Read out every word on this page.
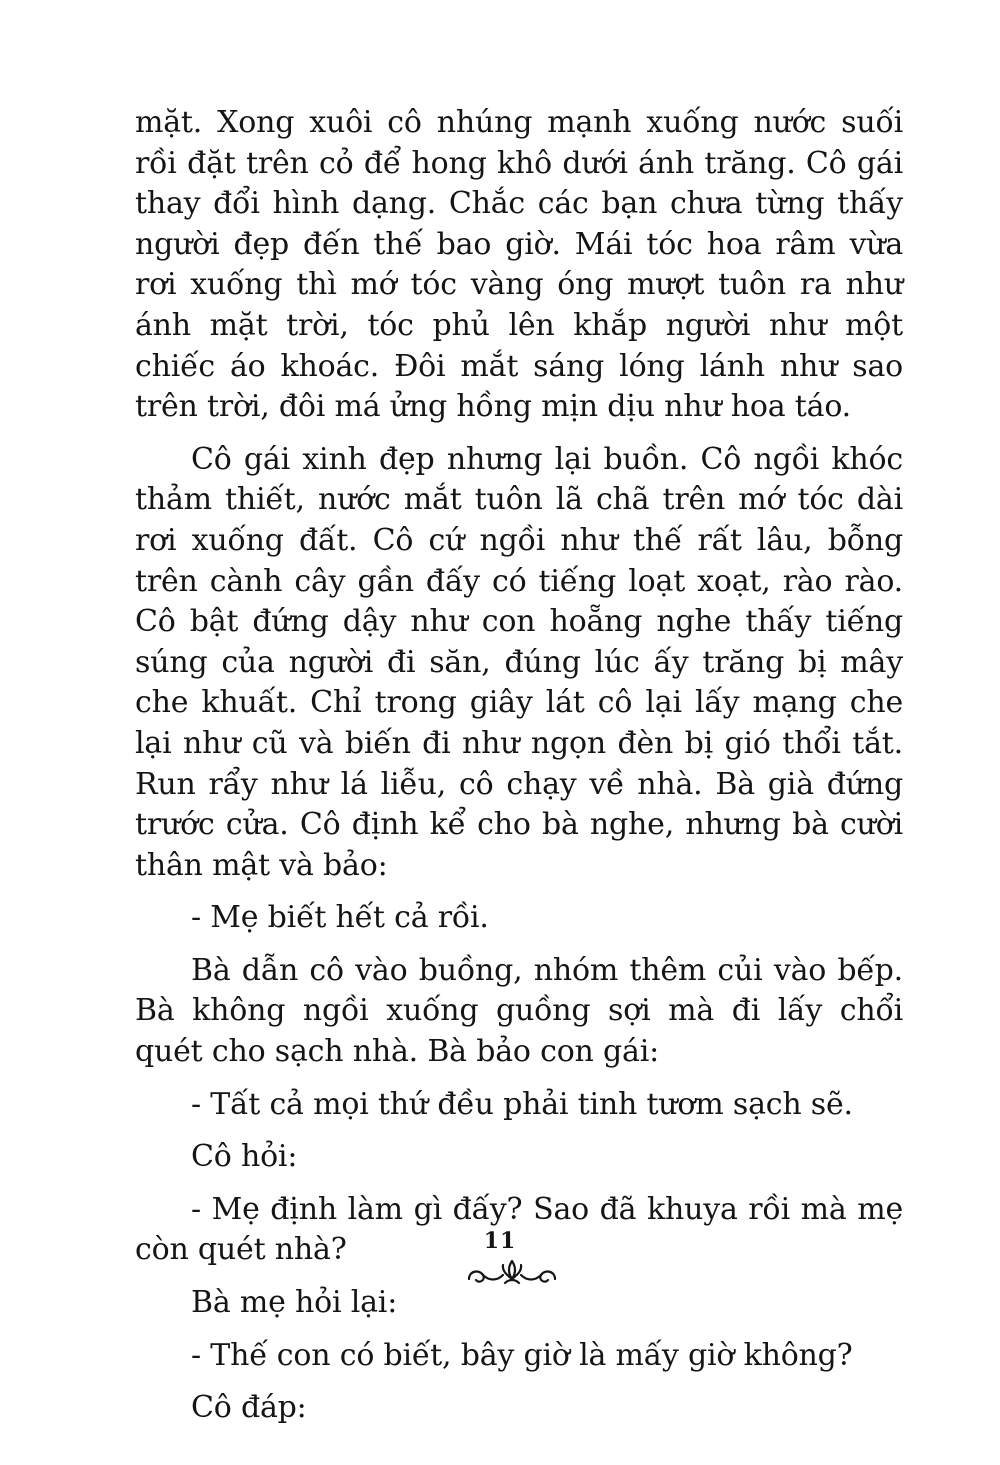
mặt. Xong xuôi cô nhúng mạnh xuống nước suối rồi đặt trên cỏ để hong khô dưới ánh trăng. Cô gái thay đổi hình dạng. Chắc các bạn chưa từng thấy người đẹp đến thế bao giờ. Mái tóc hoa râm vừa rơi xuống thì mớ tóc vàng óng mượt tuôn ra như ánh mặt trời, tóc phủ lên khắp người như một chiếc áo khoác. Đôi mắt sáng lóng lánh như sao trên trời, đôi má ửng hồng mịn dịu như hoa táo.

Cô gái xinh đẹp nhưng lại buồn. Cô ngồi khóc thảm thiết, nước mắt tuôn lã chã trên mớ tóc dài rơi xuống đất. Cô cứ ngồi như thế rất lâu, bỗng trên cành cây gần đấy có tiếng loạt xoạt, rào rào. Cô bật đứng dậy như con hoẵng nghe thấy tiếng súng của người đi săn, đúng lúc ấy trăng bị mây che khuất. Chỉ trong giây lát cô lại lấy mạng che lại như cũ và biến đi như ngọn đèn bị gió thổi tắt. Run rẩy như lá liễu, cô chạy về nhà. Bà già đứng trước cửa. Cô định kể cho bà nghe, nhưng bà cười thân mật và bảo:

- Mẹ biết hết cả rồi.

Bà dẫn cô vào buồng, nhóm thêm củi vào bếp. Bà không ngồi xuống guồng sợi mà đi lấy chổi quét cho sạch nhà. Bà bảo con gái:

- Tất cả mọi thứ đều phải tinh tươm sạch sẽ.

Cô hỏi:

- Mẹ định làm gì đấy? Sao đã khuya rồi mà mẹ còn quét nhà?

Bà mẹ hỏi lại:

- Thế con có biết, bây giờ là mấy giờ không?

Cô đáp:

11
